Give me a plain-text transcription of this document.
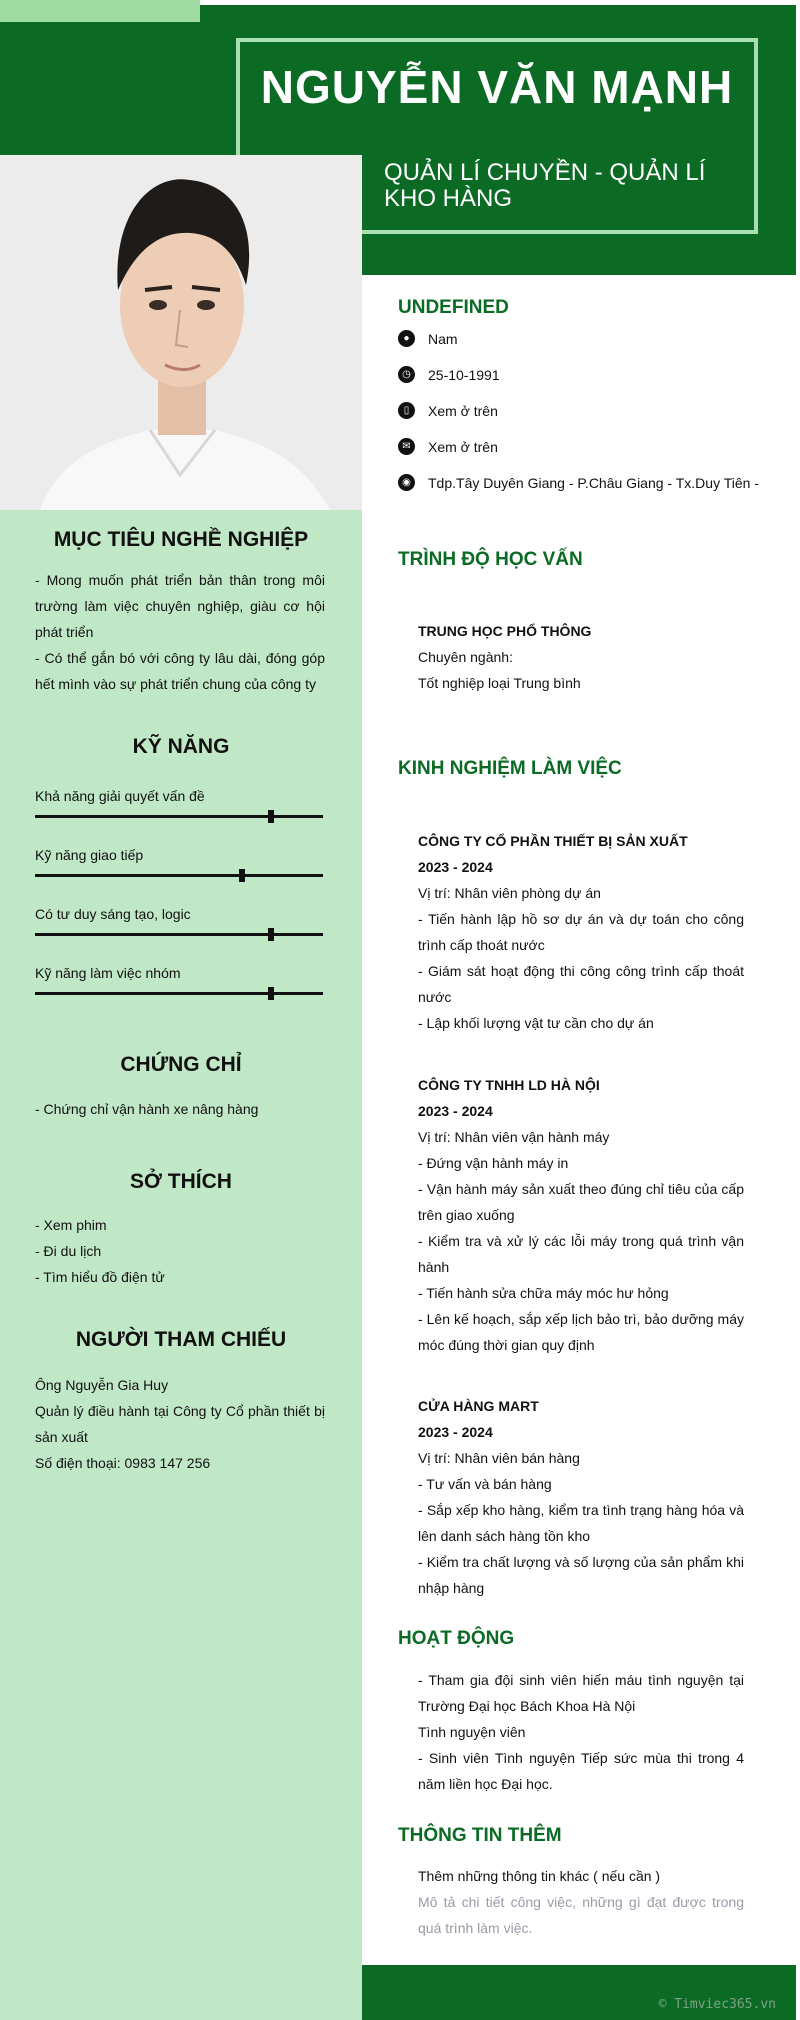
NGUYỄN VĂN MẠNH
QUẢN LÍ CHUYỀN - QUẢN LÍ KHO HÀNG
MỤC TIÊU NGHỀ NGHIỆP
- Mong muốn phát triển bản thân trong môi trường làm việc chuyên nghiệp, giàu cơ hội phát triển
- Có thể gắn bó với công ty lâu dài, đóng góp hết mình vào sự phát triển chung của công ty
KỸ NĂNG
Khả năng giải quyết vấn đề
Kỹ năng giao tiếp
Có tư duy sáng tạo, logic
Kỹ năng làm việc nhóm
CHỨNG CHỈ
- Chứng chỉ vận hành xe nâng hàng
SỞ THÍCH
- Xem phim
- Đi du lịch
- Tìm hiểu đồ điện tử
NGƯỜI THAM CHIẾU
Ông Nguyễn Gia Huy
Quản lý điều hành tại Công ty Cổ phần thiết bị sản xuất
Số điện thoại: 0983 147 256
UNDEFINED
●	Nam
◷ 25-10-1991
▯	Xem ở trên
✉	Xem ở trên
◉ Tdp.Tây Duyên Giang - P.Châu Giang - Tx.Duy Tiên -
TRÌNH ĐỘ HỌC VẤN
TRUNG HỌC PHỔ THÔNG
Chuyên ngành:
Tốt nghiệp loại Trung bình
KINH NGHIỆM LÀM VIỆC
CÔNG TY CỔ PHẦN THIẾT BỊ SẢN XUẤT
2023 - 2024
Vị trí: Nhân viên phòng dự án
- Tiến hành lập hồ sơ dự án và dự toán cho công trình cấp thoát nước
- Giám sát hoạt động thi công công trình cấp thoát nước
- Lập khối lượng vật tư cần cho dự án
CÔNG TY TNHH LD HÀ NỘI
2023 - 2024
Vị trí: Nhân viên vận hành máy
- Đứng vận hành máy in
- Vận hành máy sản xuất theo đúng chỉ tiêu của cấp trên giao xuống
- Kiểm tra và xử lý các lỗi máy trong quá trình vận hành
- Tiến hành sửa chữa máy móc hư hỏng
- Lên kế hoạch, sắp xếp lịch bảo trì, bảo dưỡng máy móc đúng thời gian quy định
CỬA HÀNG MART
2023 - 2024
Vị trí: Nhân viên bán hàng
- Tư vấn và bán hàng
- Sắp xếp kho hàng, kiểm tra tình trạng hàng hóa và lên danh sách hàng tồn kho
- Kiểm tra chất lượng và số lượng của sản phẩm khi nhập hàng
HOẠT ĐỘNG
- Tham gia đội sinh viên hiến máu tình nguyện tại Trường Đại học Bách Khoa Hà Nội
Tình nguyện viên
- Sinh viên Tình nguyện Tiếp sức mùa thi trong 4 năm liền học Đại học.
THÔNG TIN THÊM
Thêm những thông tin khác ( nếu cần )
Mô tả chi tiết công việc, những gì đạt được trong quá trình làm việc.
© Timviec365.vn
